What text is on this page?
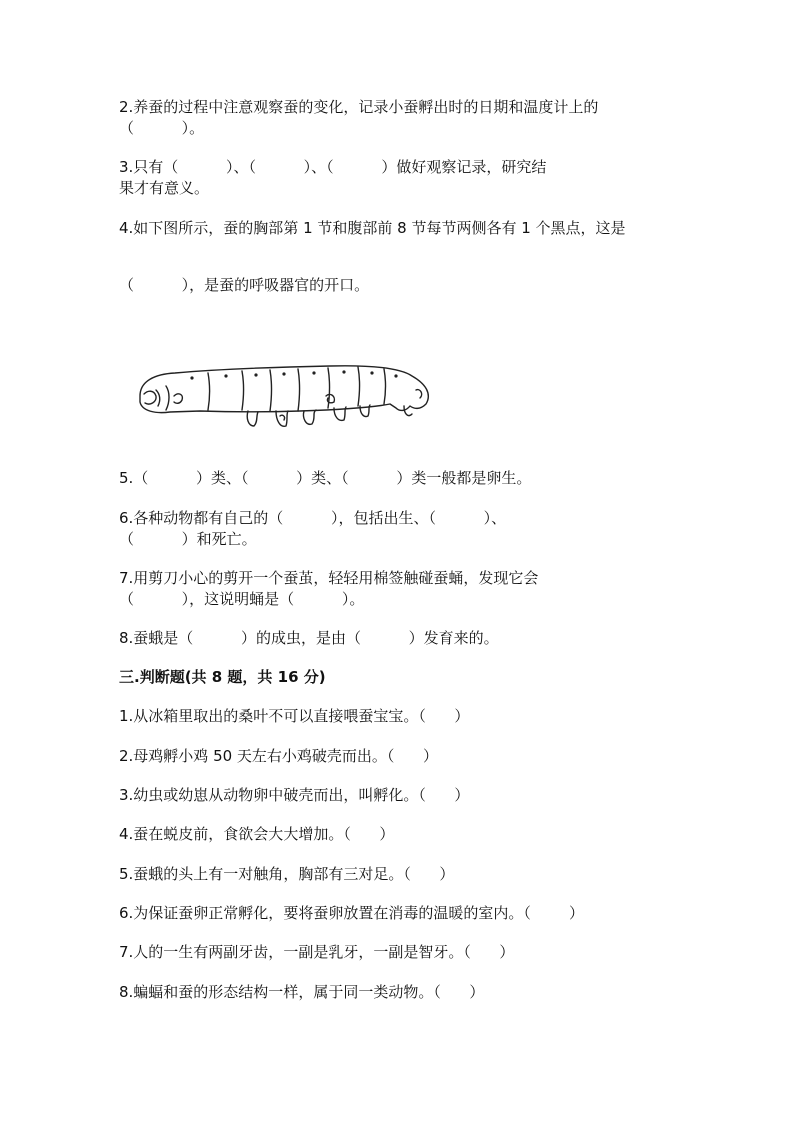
2.养蚕的过程中注意观察蚕的变化，记录小蚕孵出时的日期和温度计上的
（          ）。
3.只有（          ）、（          ）、（          ）做好观察记录，研究结
果才有意义。
4.如下图所示，蚕的胸部第 1 节和腹部前 8 节每节两侧各有 1 个黑点，这是
（          ），是蚕的呼吸器官的开口。
5.（          ）类、（          ）类、（          ）类一般都是卵生。
6.各种动物都有自己的（          ），包括出生、（          ）、
（          ）和死亡。
7.用剪刀小心的剪开一个蚕茧，轻轻用棉签触碰蚕蛹，发现它会
（          ），这说明蛹是（          ）。
8.蚕蛾是（          ）的成虫，是由（          ）发育来的。
三.判断题(共 8 题，共 16 分)
1.从冰箱里取出的桑叶不可以直接喂蚕宝宝。（      ）
2.母鸡孵小鸡 50 天左右小鸡破壳而出。（      ）
3.幼虫或幼崽从动物卵中破壳而出，叫孵化。（      ）
4.蚕在蜕皮前，食欲会大大增加。（      ）
5.蚕蛾的头上有一对触角，胸部有三对足。（      ）
6.为保证蚕卵正常孵化，要将蚕卵放置在消毒的温暖的室内。（        ）
7.人的一生有两副牙齿，一副是乳牙，一副是智牙。（      ）
8.蝙蝠和蚕的形态结构一样，属于同一类动物。（      ）
